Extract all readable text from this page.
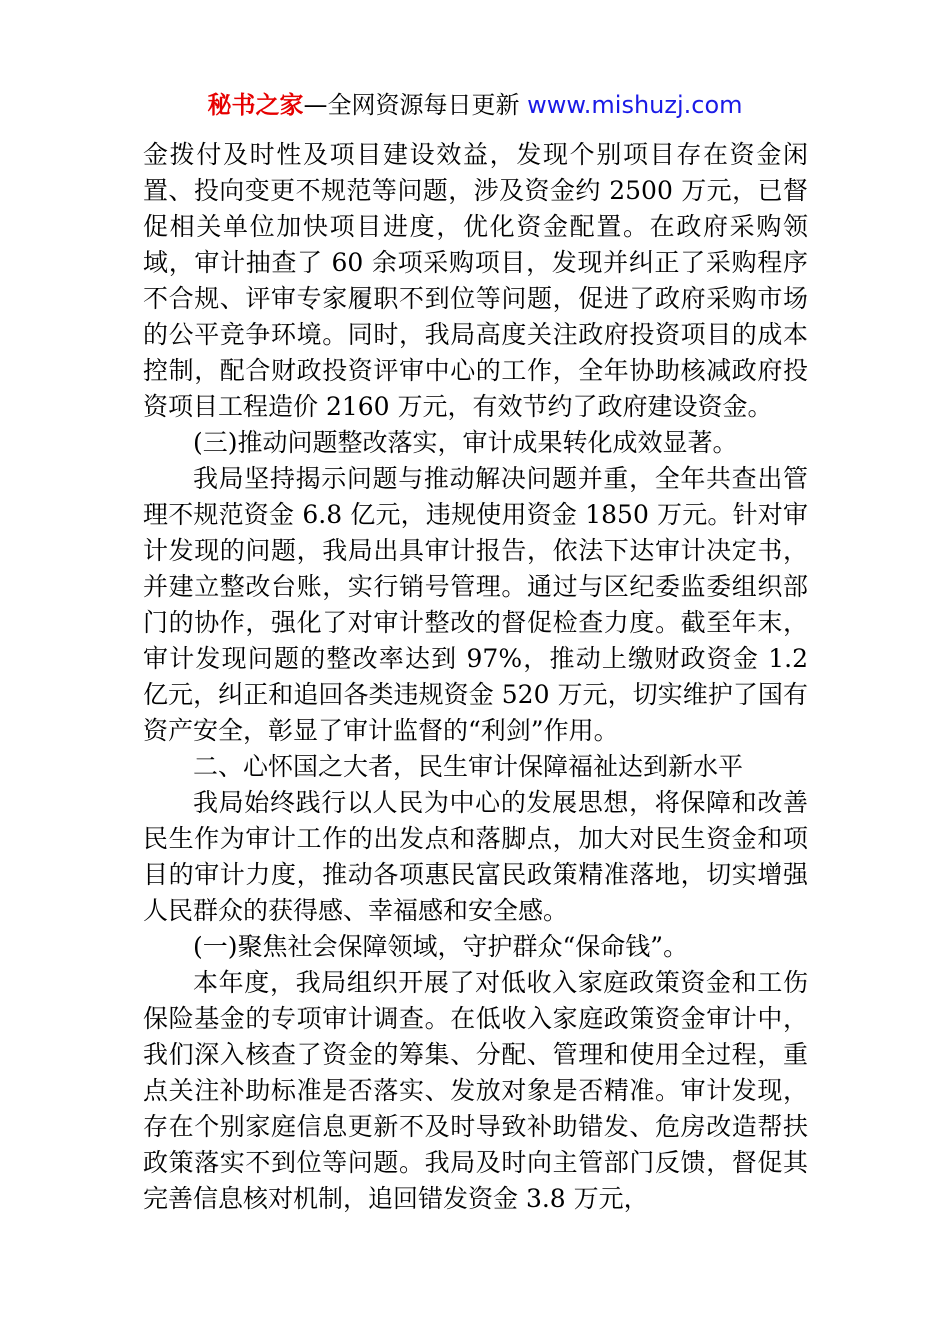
秘书之家—全网资源每日更新 www.mishuzj.com

金拨付及时性及项目建设效益，发现个别项目存在资金闲置、投向变更不规范等问题，涉及资金约 2500 万元，已督促相关单位加快项目进度，优化资金配置。在政府采购领域，审计抽查了 60 余项采购项目，发现并纠正了采购程序不合规、评审专家履职不到位等问题，促进了政府采购市场的公平竞争环境。同时，我局高度关注政府投资项目的成本控制，配合财政投资评审中心的工作，全年协助核减政府投资项目工程造价 2160 万元，有效节约了政府建设资金。

(三)推动问题整改落实，审计成果转化成效显著。

我局坚持揭示问题与推动解决问题并重，全年共查出管理不规范资金 6.8 亿元，违规使用资金 1850 万元。针对审计发现的问题，我局出具审计报告，依法下达审计决定书，并建立整改台账，实行销号管理。通过与区纪委监委组织部门的协作，强化了对审计整改的督促检查力度。截至年末，审计发现问题的整改率达到 97%，推动上缴财政资金 1.2 亿元，纠正和追回各类违规资金 520 万元，切实维护了国有资产安全，彰显了审计监督的“利剑”作用。

二、心怀国之大者，民生审计保障福祉达到新水平

我局始终践行以人民为中心的发展思想，将保障和改善民生作为审计工作的出发点和落脚点，加大对民生资金和项目的审计力度，推动各项惠民富民政策精准落地，切实增强人民群众的获得感、幸福感和安全感。

(一)聚焦社会保障领域，守护群众“保命钱”。

本年度，我局组织开展了对低收入家庭政策资金和工伤保险基金的专项审计调查。在低收入家庭政策资金审计中，我们深入核查了资金的筹集、分配、管理和使用全过程，重点关注补助标准是否落实、发放对象是否精准。审计发现，存在个别家庭信息更新不及时导致补助错发、危房改造帮扶政策落实不到位等问题。我局及时向主管部门反馈，督促其完善信息核对机制，追回错发资金 3.8 万元，
